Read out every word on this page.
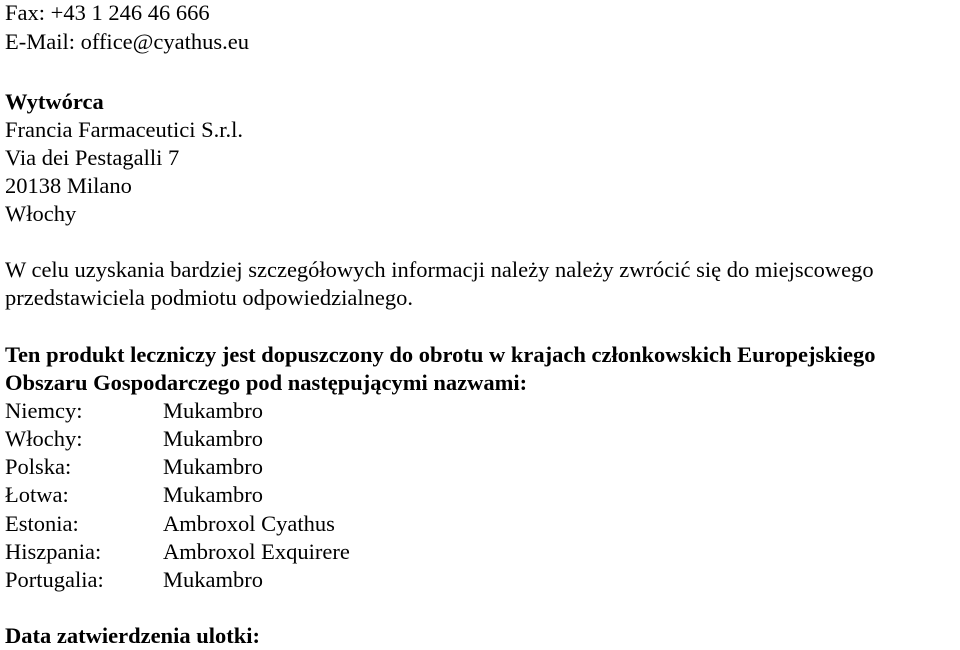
Fax: +43 1 246 46 666
E-Mail: office@cyathus.eu
Wytwórca
Francia Farmaceutici S.r.l.
Via dei Pestagalli 7
20138 Milano
Włochy
W celu uzyskania bardziej szczegółowych informacji należy należy zwrócić się do miejscowego
przedstawiciela podmiotu odpowiedzialnego.
Ten produkt leczniczy jest dopuszczony do obrotu w krajach członkowskich Europejskiego
Obszaru Gospodarczego pod następującymi nazwami:
Niemcy:	Mukambro
Włochy:	Mukambro
Polska:	Mukambro
Łotwa:	Mukambro
Estonia:	Ambroxol Cyathus
Hiszpania:	Ambroxol Exquirere
Portugalia:	Mukambro
Data zatwierdzenia ulotki:
